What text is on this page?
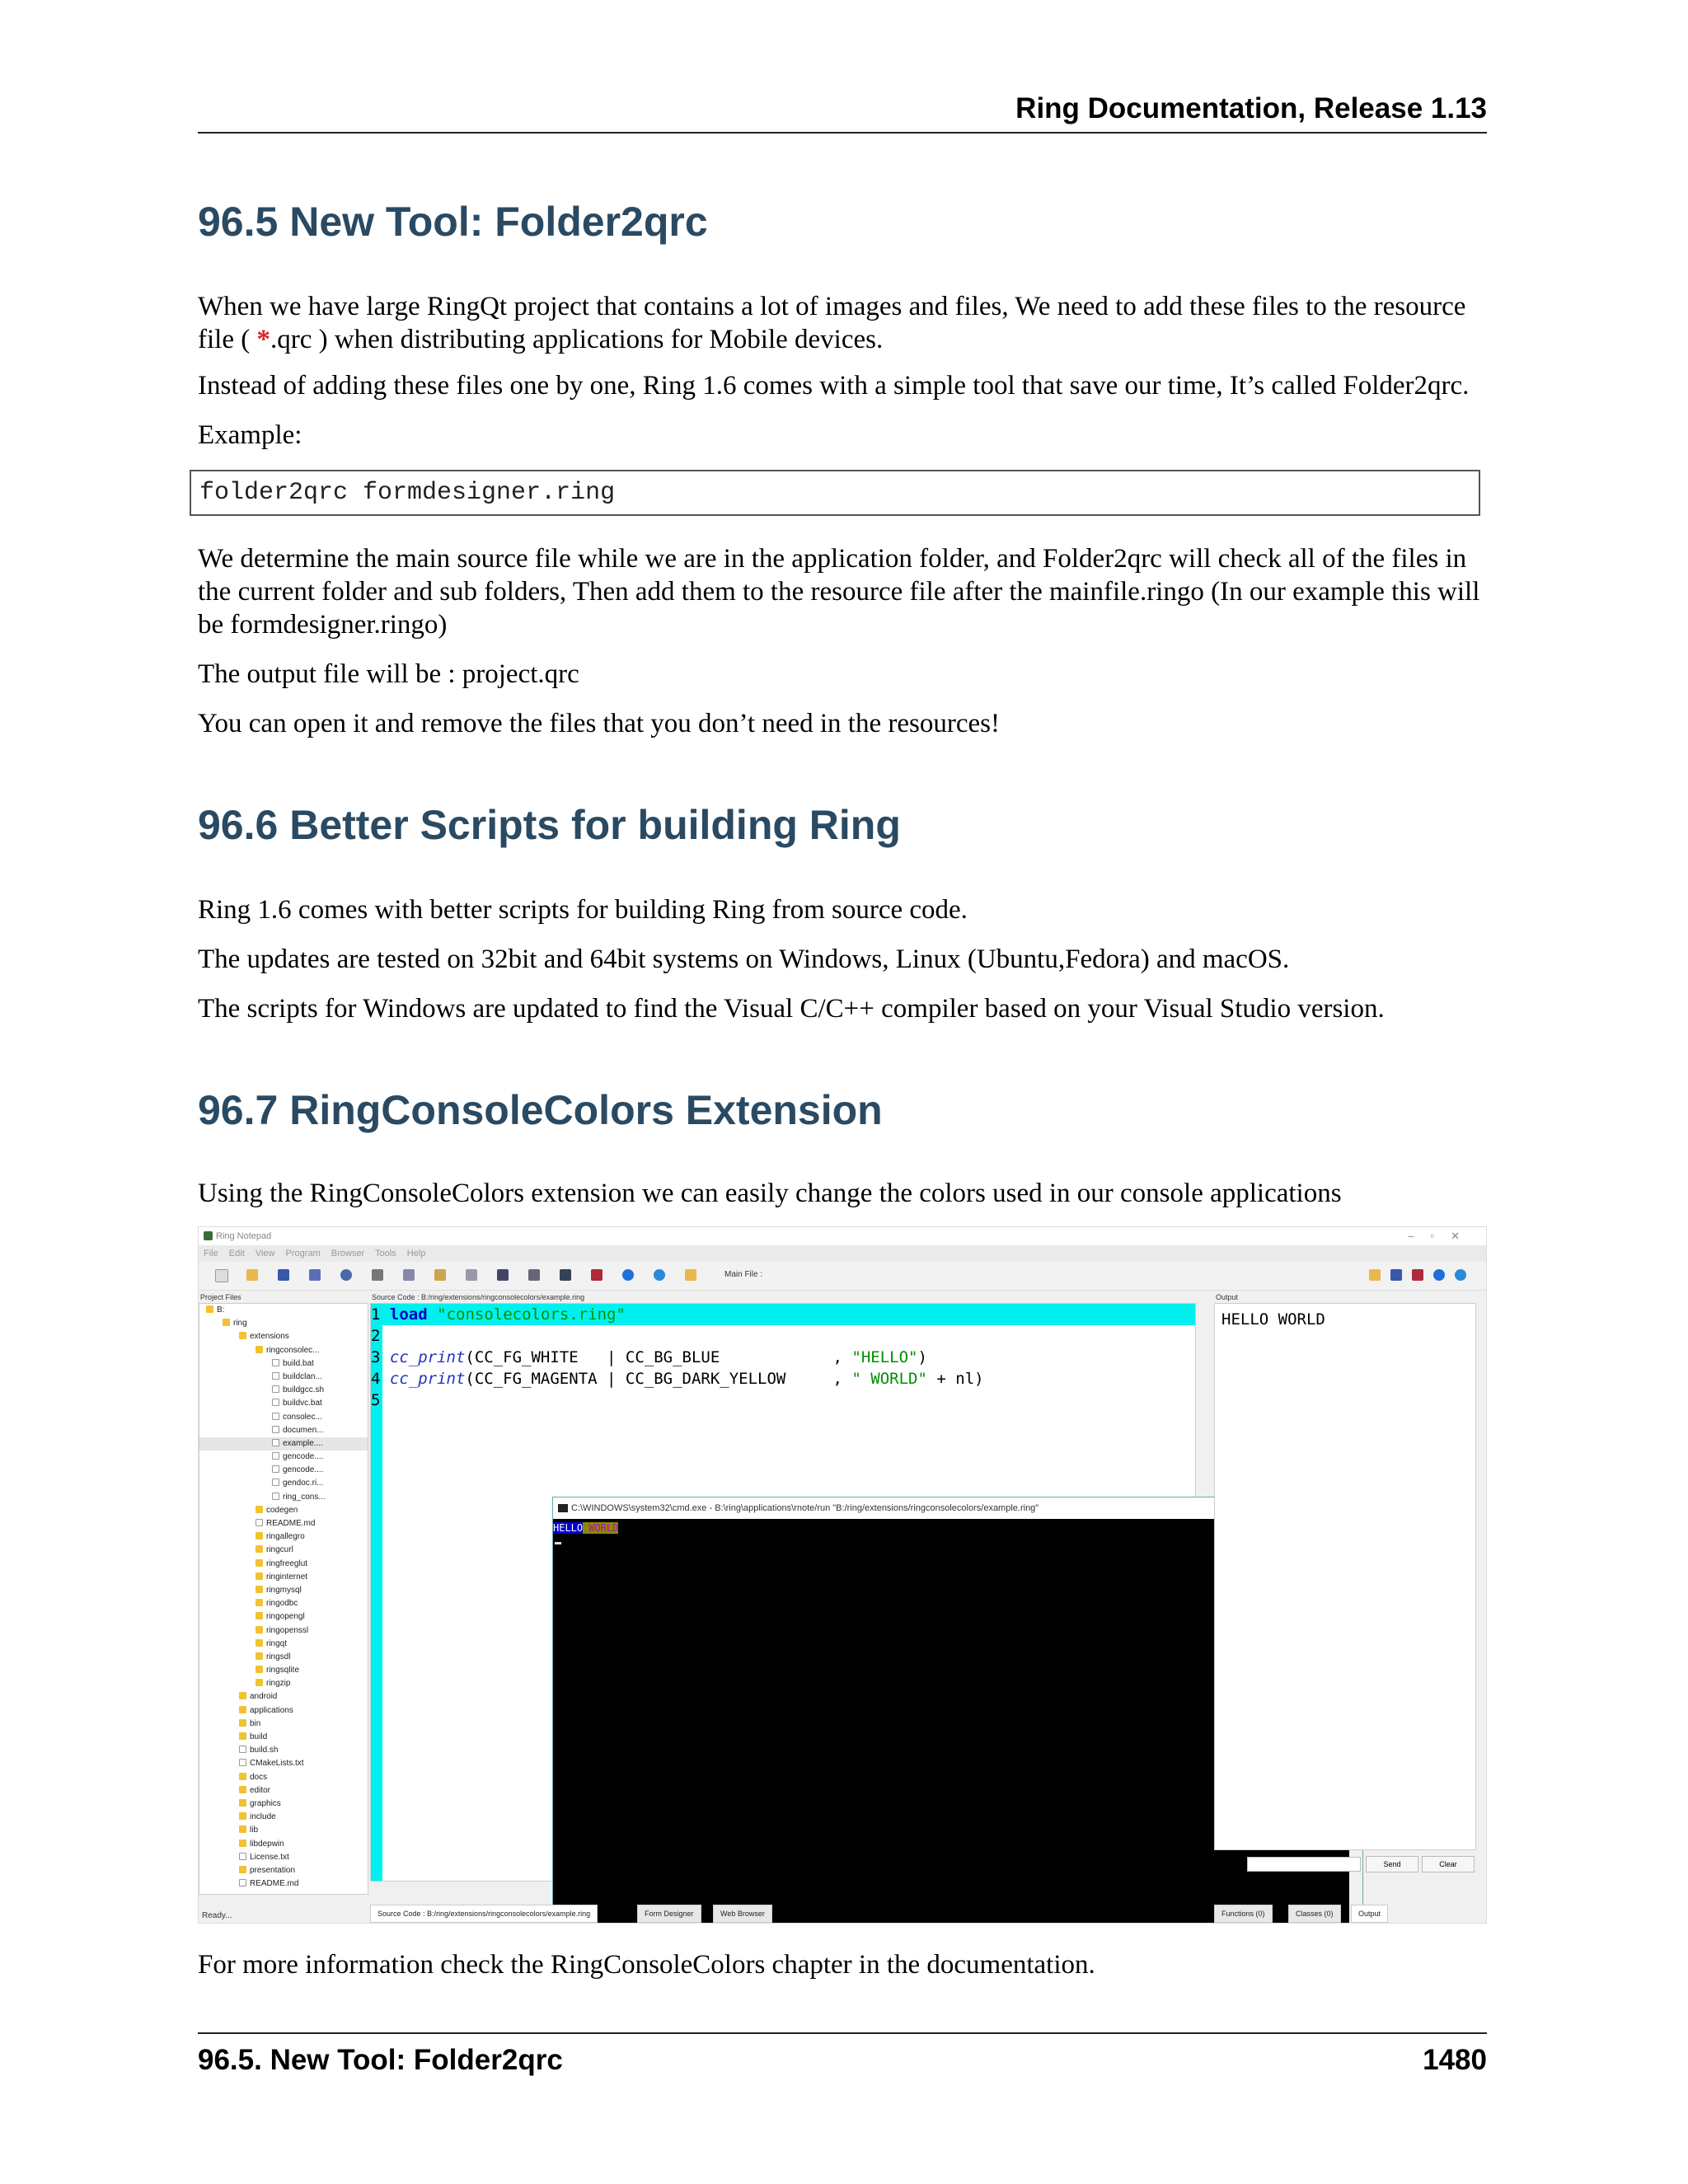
Ring Documentation, Release 1.13
96.5 New Tool: Folder2qrc

When we have large RingQt project that contains a lot of images and files, We need to add these files to the resource file ( *.qrc ) when distributing applications for Mobile devices.

Instead of adding these files one by one, Ring 1.6 comes with a simple tool that save our time, It’s called Folder2qrc.

Example:

folder2qrc formdesigner.ring

We determine the main source file while we are in the application folder, and Folder2qrc will check all of the files in the current folder and sub folders, Then add them to the resource file after the mainfile.ringo (In our example this will be formdesigner.ringo)

The output file will be : project.qrc

You can open it and remove the files that you don’t need in the resources!

96.6 Better Scripts for building Ring

Ring 1.6 comes with better scripts for building Ring from source code.

The updates are tested on 32bit and 64bit systems on Windows, Linux (Ubuntu,Fedora) and macOS.

The scripts for Windows are updated to find the Visual C/C++ compiler based on your Visual Studio version.

96.7 RingConsoleColors Extension

Using the RingConsoleColors extension we can easily change the colors used in our console applications

Ring Notepad	–▫✕
File Edit View Program Browser Tools Help
Main File :
Project Files	Source Code : B:/ring/extensions/ringconsolecolors/example.ring	Output
B:
ring
extensions
ringconsolec...
build.bat
buildclan...
buildgcc.sh
buildvc.bat
consolec...
documen...
example....
gencode....
gencode....
gendoc.ri...
ring_cons...
codegen
README.md
ringallegro
ringcurl
ringfreeglut
ringinternet
ringmysql
ringodbc
ringopengl
ringopenssl
ringqt
ringsdl
ringsqlite
ringzip
android
applications
bin
build
build.sh
CMakeLists.txt
docs
editor
graphics
include
lib
libdepwin
License.txt
presentation
README.md
1 load "consolecolors.ring"
2
3 cc_print(CC_FG_WHITE   | CC_BG_BLUE            , "HELLO")
4 cc_print(CC_FG_MAGENTA | CC_BG_DARK_YELLOW     , " WORLD" + nl)
5
C:\WINDOWS\system32\cmd.exe - B:\ring\applications\rnote/run "B:/ring/extensions/ringconsolecolors/example.ring"
HELLO WORLD
HELLO WORLD
Input :	Send	Clear
Source Code : B:/ring/extensions/ringconsolecolors/example.ring	Form Designer	Web Browser	Functions (0)	Classes (0)	Output
Ready...

For more information check the RingConsoleColors chapter in the documentation.

96.5. New Tool: Folder2qrc	1480
